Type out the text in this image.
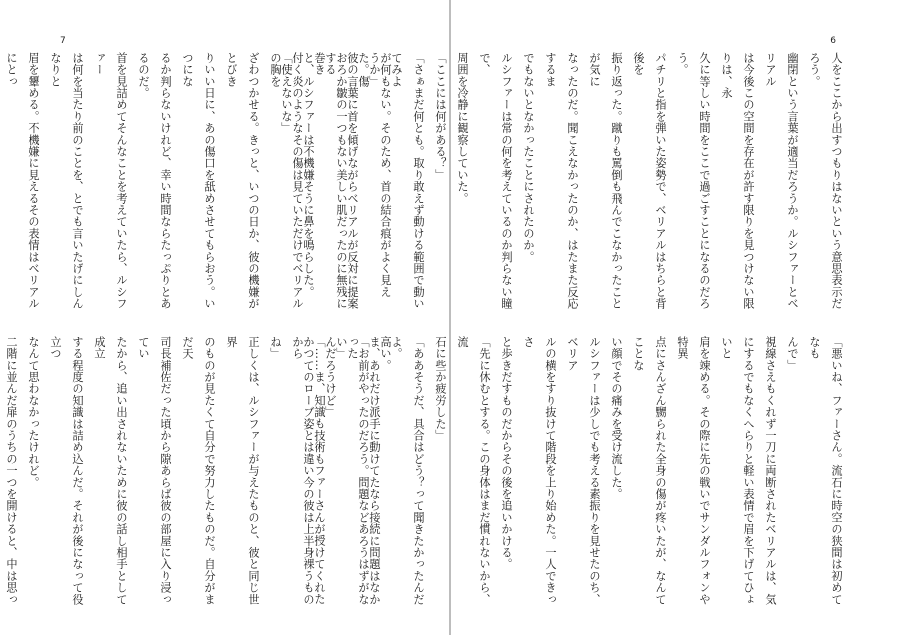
7
が何もない。そのため、首の結合痕がよく見えた。傷
おろか皺の一つもない美しい肌だったのに無残に巻き
付く炎のようなその傷は見ていただけでベリアルの胸を
ざわつかせる。きっと、いつの日か、彼の機嫌がとびき
りいい日に、あの傷口を舐めさせてもらおう。いつにな
るか判らないけれど、幸い時間ならたっぷりとあるのだ。
首を見詰めてそんなことを考えていたら、ルシファー
は何を当たり前のことを、とでも言いたげにしんなりと
眉を顰める。不機嫌に見えるその表情はベリアルにとっ

高い。
「お前がやったのだろう。問題などあろうはずがない」
「……ま、知識も技術もファーさんが授けてくれたから
ね」
正しくは、ルシファーが与えたものと、彼と同じ世界
のものが見たくて自分で努力したものだ。自分がまだ天
司長補佐だった頃から隙あらば彼の部屋に入り浸ってい
たから、追い出されないために彼の話し相手として成立
する程度の知識は詰め込んだ。それが後になって役立つ
なんて思わなかったけれど。
二階に並んだ扉のうちの一つを開けると、中は思っ

6
人をここから出すつもりはないという意思表示だろう。
幽閉という言葉が適当だろうか。ルシファーとベリアル
は今後この空間を存在が許す限りを見つけない限りは、永
久に等しい時間をここで過ごすことになるのだろう。
パチリと指を弾いた姿勢で、ベリアルはちらと背後を
振り返った。蹴りも罵倒も飛んでこなかったことが気に
なったのだ。聞こえなかったのか、はたまた反応するま
でもないとなかったことにされたのか。
ルシファーは常の何を考えているのか判らない瞳で、
周囲を冷静に観察していた。
「ここには何がある？」
「さぁまだ何とも。取り敢えず動ける範囲で動いてみよ
うか」
彼の言葉に首を傾げながらベリアルが反対に提案する
と、ルシファーは不機嫌そうに鼻を鳴らした。
「使えないな」
「悪いね、ファーさん。流石に時空の狭間は初めてなも
んで」
視線さえもくれず一刀に両断されたベリアルは、気
にするでもなくへらりと軽い表情で眉を下げてひょいと
肩を竦める。その際に先の戦いでサンダルフォンや特異
点にさんざん嬲られた全身の傷が疼いたが、なんてことな
い顔でその痛みを受け流した。
ルシファーは少しでも考える素振りを見せたのち、ベリア
ルの横をすり抜けて階段を上り始めた。一人できっさ
と歩きだすものだからその後を追いかける。
「先に休むとする。この身体はまだ慣れないから、流
石に些か疲労した」
「ああそうだ、具合はどう？って聞きたかったんだよ。
ま、あれだけ派手に動けてたなら接続に問題はなかった
んだろうけど」
かつてのローブ姿とは違い今の彼は上半身裸うもの
